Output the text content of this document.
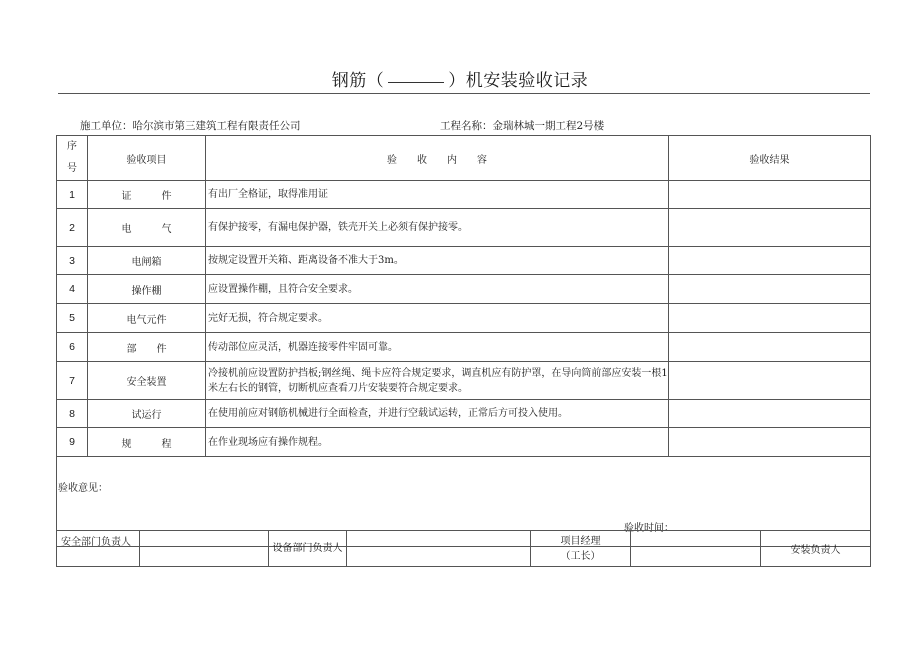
钢筋（	）机安装验收记录
施工单位：哈尔滨市第三建筑工程有限责任公司	工程名称：金瑞林城一期工程2号楼
序
号	验收项目	验　　收　　内　　容	验收结果
1	证　　　件	有出厂全格证，取得准用证	
2	电　　　气	有保护接零，有漏电保护器，铁壳开关上必须有保护接零。	
3	电闸箱	按规定设置开关箱、距离设备不准大于3m。	
4	操作棚	应设置操作棚，且符合安全要求。	
5	电气元件	完好无损，符合规定要求。	
6	部　　件	传动部位应灵活，机器连接零件牢固可靠。	
7	安全装置	冷接机前应设置防护挡板;钢丝绳、绳卡应符合规定要求，调直机应有防护罩，在导向筒前部应安装一根1米左右长的钢管，切断机应查看刀片安装要符合规定要求。	
8	试运行	在使用前应对钢筋机械进行全面检查，并进行空载试运转，正常后方可投入使用。	
9	规　　　程	在作业现场应有操作规程。	

验收意见：
验收时间：			
安全部门负责人		设备部门负责人		
项目经理
（工长）		安装负责人
